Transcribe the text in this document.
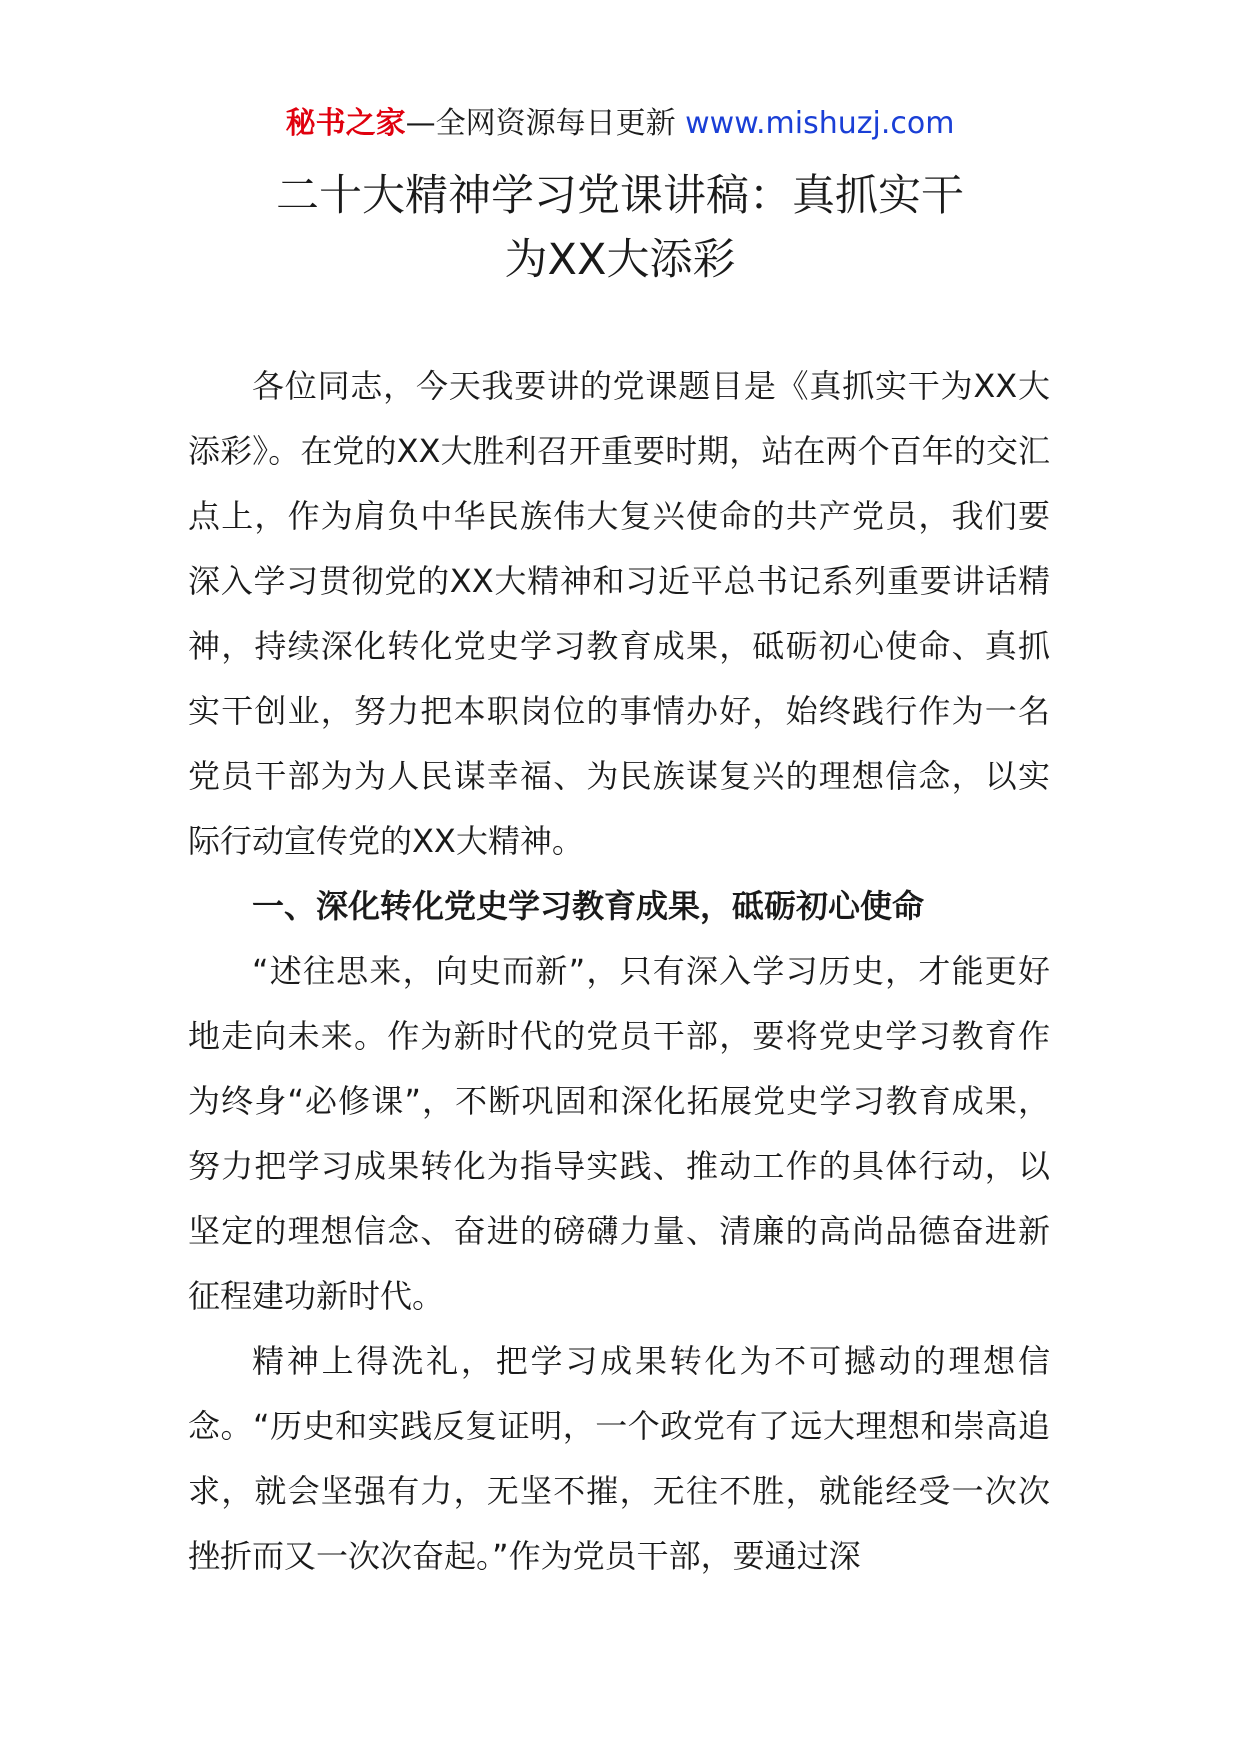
秘书之家—全网资源每日更新 www.mishuzj.com
二十大精神学习党课讲稿：真抓实干
为XX大添彩

各位同志，今天我要讲的党课题目是《真抓实干为XX大添彩》。在党的XX大胜利召开重要时期，站在两个百年的交汇点上，作为肩负中华民族伟大复兴使命的共产党员，我们要深入学习贯彻党的XX大精神和习近平总书记系列重要讲话精神，持续深化转化党史学习教育成果，砥砺初心使命、真抓实干创业，努力把本职岗位的事情办好，始终践行作为一名党员干部为为人民谋幸福、为民族谋复兴的理想信念，以实际行动宣传党的XX大精神。

一、深化转化党史学习教育成果，砥砺初心使命

“述往思来，向史而新”，只有深入学习历史，才能更好地走向未来。作为新时代的党员干部，要将党史学习教育作为终身“必修课”，不断巩固和深化拓展党史学习教育成果，努力把学习成果转化为指导实践、推动工作的具体行动，以坚定的理想信念、奋进的磅礴力量、清廉的高尚品德奋进新征程建功新时代。

精神上得洗礼，把学习成果转化为不可撼动的理想信念。“历史和实践反复证明，一个政党有了远大理想和崇高追求，就会坚强有力，无坚不摧，无往不胜，就能经受一次次挫折而又一次次奋起。”作为党员干部，要通过深
